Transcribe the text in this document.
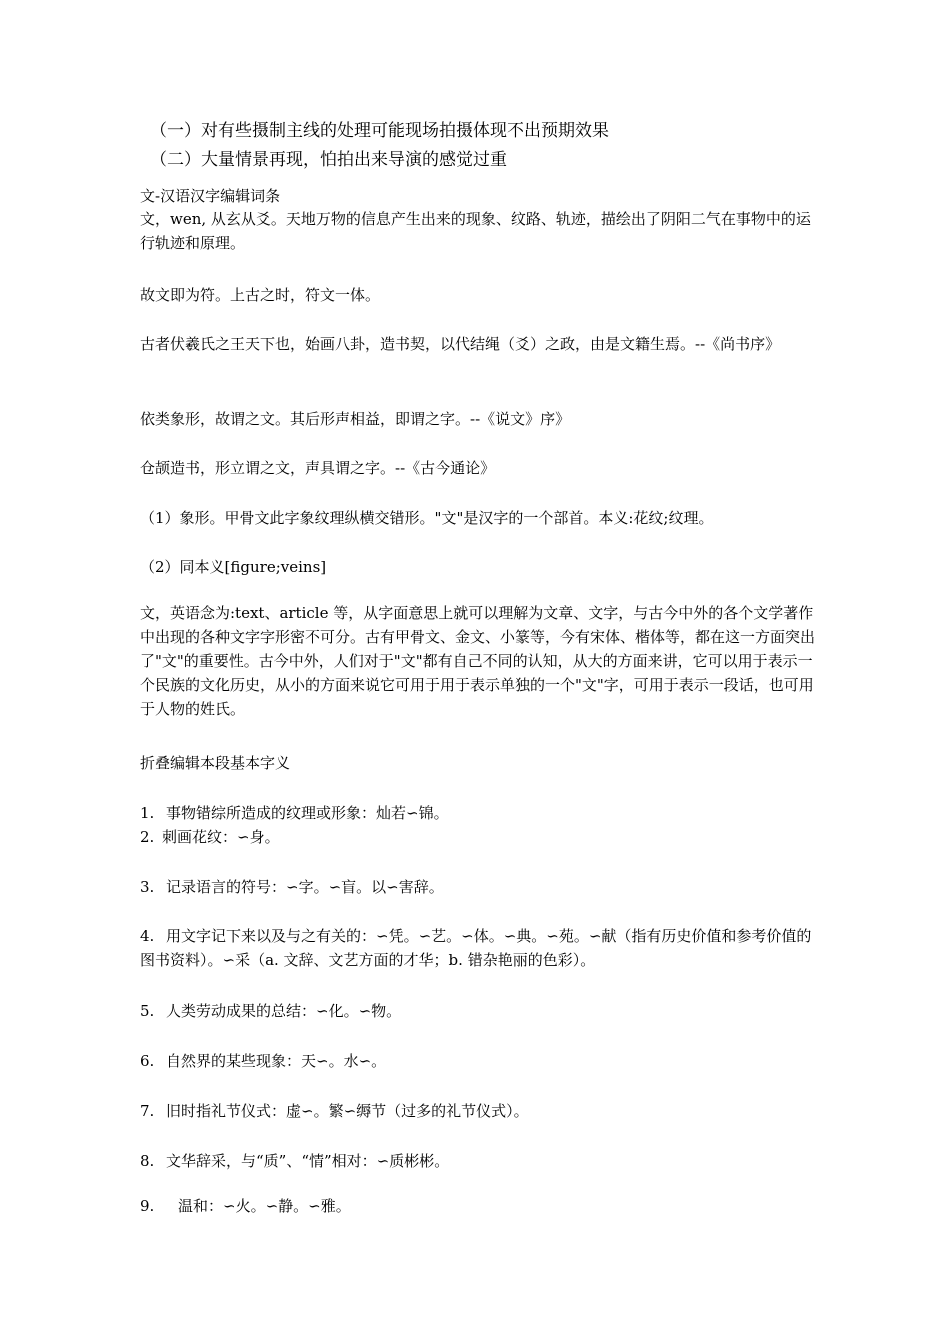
（一）对有些摄制主线的处理可能现场拍摄体现不出预期效果
（二）大量情景再现，怕拍出来导演的感觉过重
文-汉语汉字编辑词条
文，wen, 从玄从爻。天地万物的信息产生出来的现象、纹路、轨迹，描绘出了阴阳二气在事物中的运行轨迹和原理。
故文即为符。上古之时，符文一体。
古者伏羲氏之王天下也，始画八卦，造书契，以代结绳（爻）之政，由是文籍生焉。--《尚书序》
依类象形，故谓之文。其后形声相益，即谓之字。--《说文》序》
仓颉造书，形立谓之文，声具谓之字。--《古今通论》
（1）象形。甲骨文此字象纹理纵横交错形。"文"是汉字的一个部首。本义:花纹;纹理。
（2）同本义[figure;veins]
文，英语念为:text、article 等，从字面意思上就可以理解为文章、文字，与古今中外的各个文学著作中出现的各种文字字形密不可分。古有甲骨文、金文、小篆等，今有宋体、楷体等，都在这一方面突出了"文"的重要性。古今中外，人们对于"文"都有自己不同的认知，从大的方面来讲，它可以用于表示一个民族的文化历史，从小的方面来说它可用于用于表示单独的一个"文"字，可用于表示一段话，也可用于人物的姓氏。
折叠编辑本段基本字义
1. 事物错综所造成的纹理或形象：灿若∽锦。
2. 刺画花纹：∽身。
3. 记录语言的符号：∽字。∽盲。以∽害辞。
4. 用文字记下来以及与之有关的：∽凭。∽艺。∽体。∽典。∽苑。∽献（指有历史价值和参考价值的图书资料）。∽采（a. 文辞、文艺方面的才华；b. 错杂艳丽的色彩）。
5. 人类劳动成果的总结：∽化。∽物。
6. 自然界的某些现象：天∽。水∽。
7. 旧时指礼节仪式：虚∽。繁∽缛节（过多的礼节仪式）。
8. 文华辞采，与“质”、“情”相对：∽质彬彬。
9. 温和：∽火。∽静。∽雅。
